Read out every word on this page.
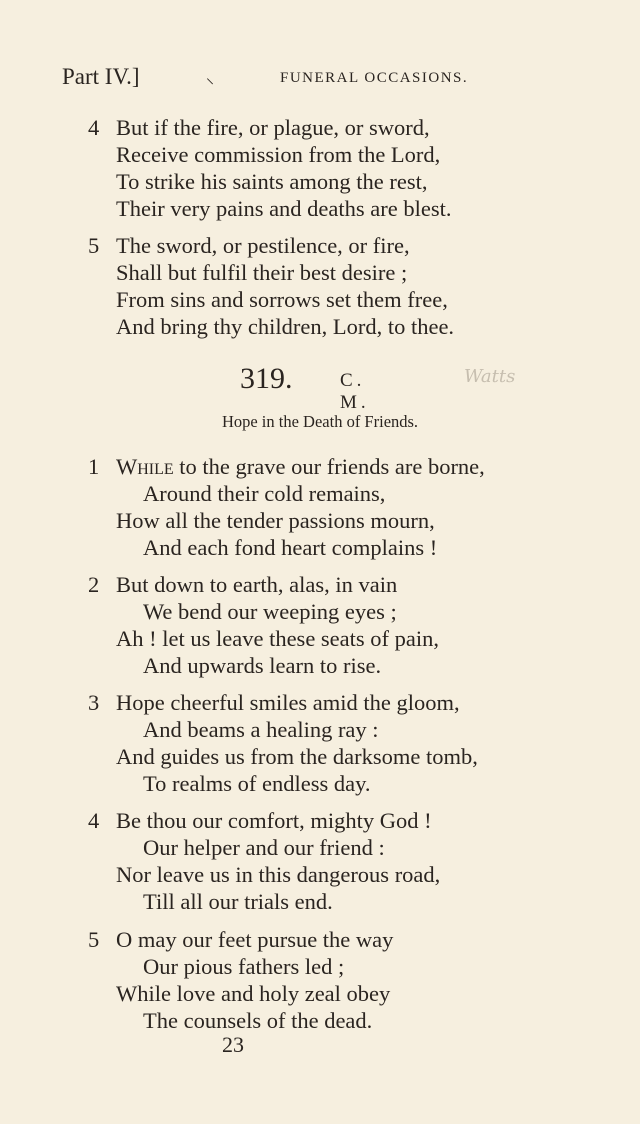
Part IV.]	⸜	FUNERAL OCCASIONS.
4 But if the fire, or plague, or sword,
Receive commission from the Lord,
To strike his saints among the rest,
Their very pains and deaths are blest.
5 The sword, or pestilence, or fire,
Shall but fulfil their best desire ;
From sins and sorrows set them free,
And bring thy children, Lord, to thee.
319.	C. M.
Watts
Hope in the Death of Friends.
1 While to the grave our friends are borne,
Around their cold remains,
How all the tender passions mourn,
And each fond heart complains !
2 But down to earth, alas, in vain
We bend our weeping eyes ;
Ah ! let us leave these seats of pain,
And upwards learn to rise.
3 Hope cheerful smiles amid the gloom,
And beams a healing ray :
And guides us from the darksome tomb,
To realms of endless day.
4 Be thou our comfort, mighty God !
Our helper and our friend :
Nor leave us in this dangerous road,
Till all our trials end.
5 O may our feet pursue the way
Our pious fathers led ;
While love and holy zeal obey
The counsels of the dead.
23
